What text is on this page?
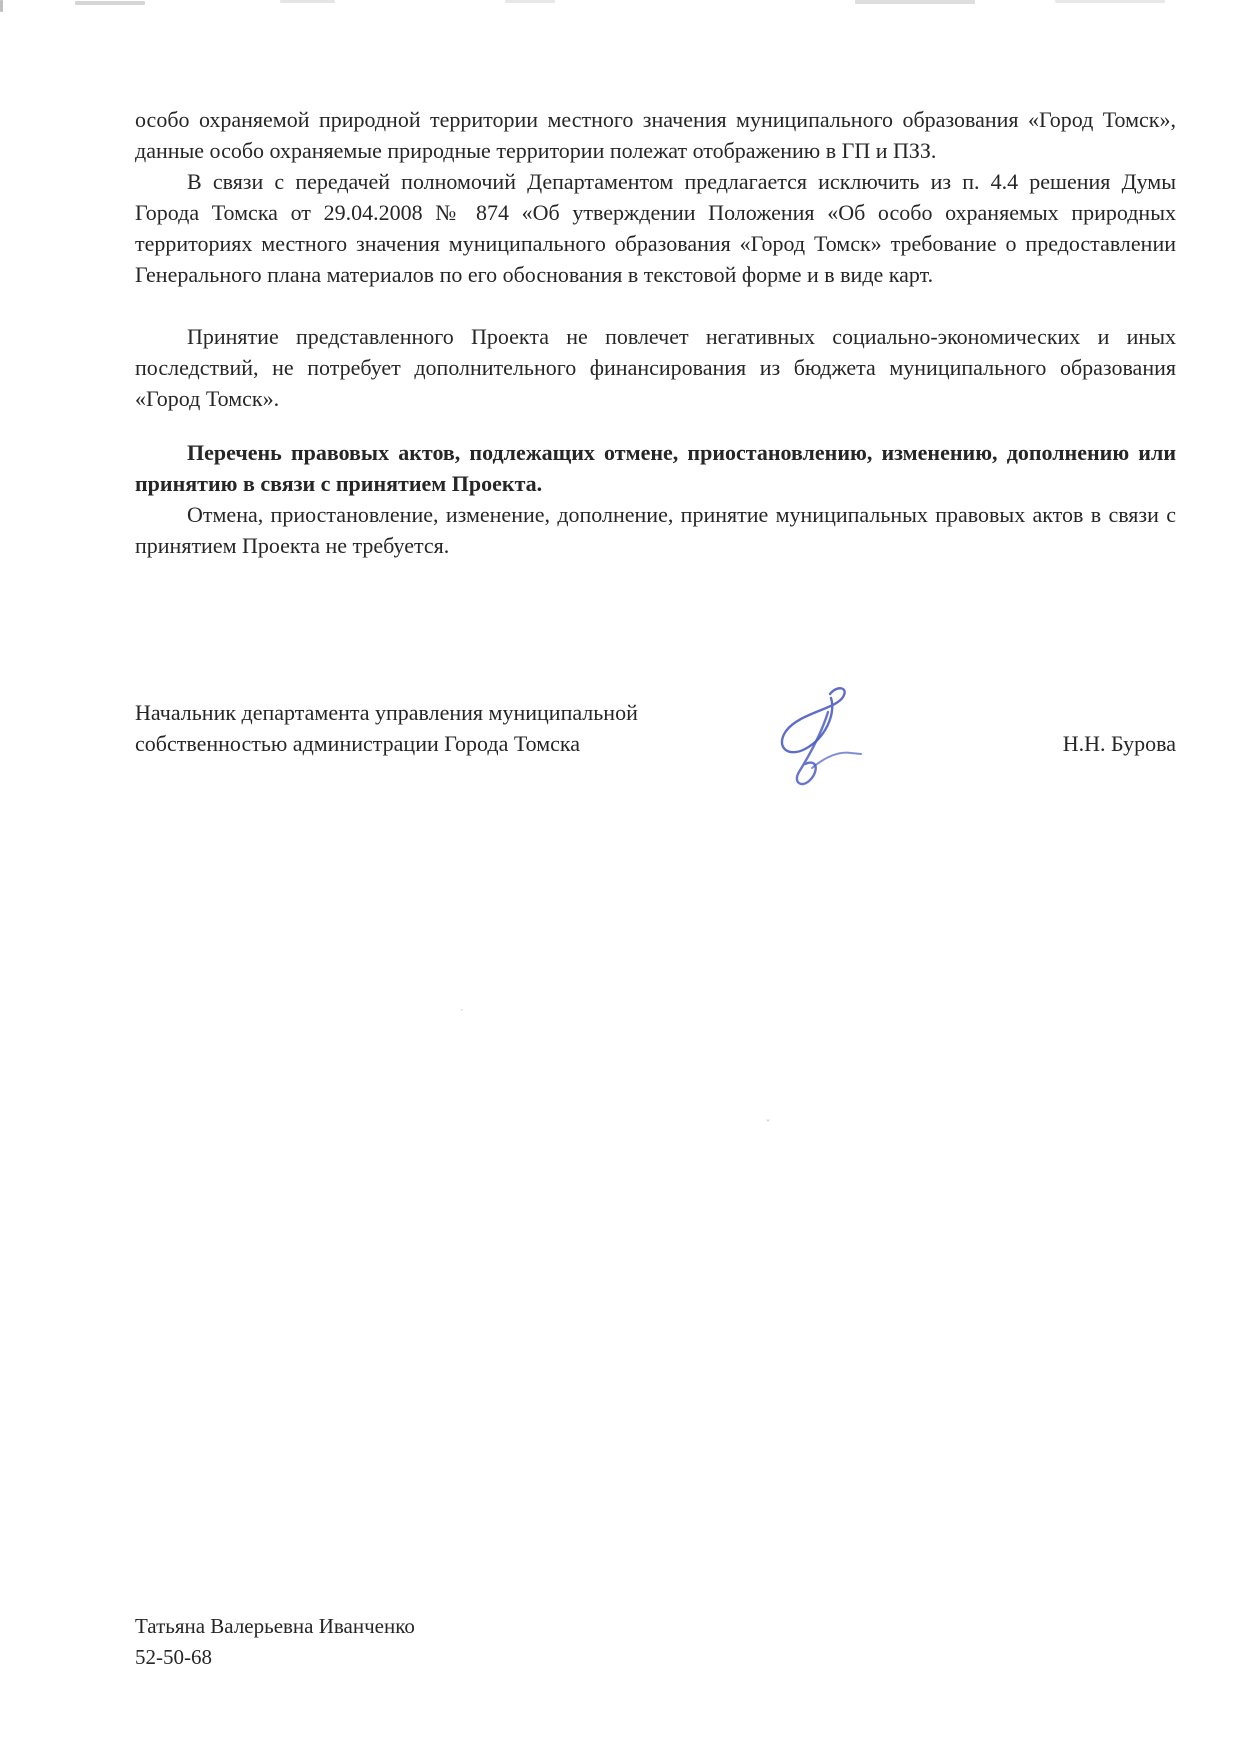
·
ˇ

особо охраняемой природной территории местного значения муниципального образования «Город Томск», данные особо охраняемые природные территории полежат отображению в ГП и ПЗЗ.

В связи с передачей полномочий Департаментом предлагается исключить из п. 4.4 решения Думы Города Томска от 29.04.2008 № 874 «Об утверждении Положения «Об особо охраняемых природных территориях местного значения муниципального образования «Город Томск» требование о предоставлении Генерального плана материалов по его обоснования в текстовой форме и в виде карт.

Принятие представленного Проекта не повлечет негативных социально-экономических и иных последствий, не потребует дополнительного финансирования из бюджета муниципального образования «Город Томск».

Перечень правовых актов, подлежащих отмене, приостановлению, изменению, дополнению или принятию в связи с принятием Проекта.

Отмена, приостановление, изменение, дополнение, принятие муниципальных правовых актов в связи с принятием Проекта не требуется.

Начальник департамента управления муниципальной собственностью администрации Города Томска	Н.Н. Бурова
Татьяна Валерьевна Иванченко
52-50-68
